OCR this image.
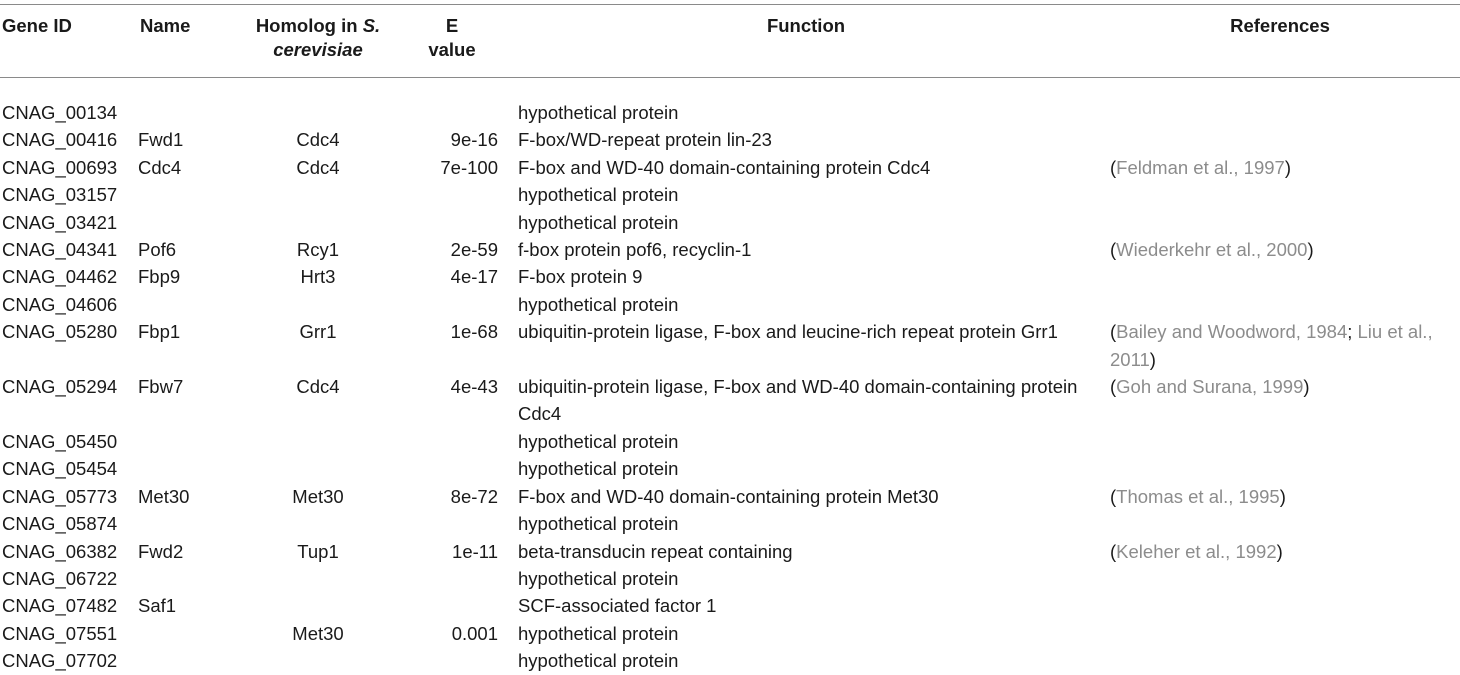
Gene ID	Name	Homolog in S. cerevisiae	E value	Function	References
CNAG_00134				hypothetical protein	
CNAG_00416	Fwd1	Cdc4	9e-16	F-box/WD-repeat protein lin-23	
CNAG_00693	Cdc4	Cdc4	7e-100	F-box and WD-40 domain-containing protein Cdc4	(Feldman et al., 1997)
CNAG_03157				hypothetical protein	
CNAG_03421				hypothetical protein	
CNAG_04341	Pof6	Rcy1	2e-59	f-box protein pof6, recyclin-1	(Wiederkehr et al., 2000)
CNAG_04462	Fbp9	Hrt3	4e-17	F-box protein 9	
CNAG_04606				hypothetical protein	
CNAG_05280	Fbp1	Grr1	1e-68	ubiquitin-protein ligase, F-box and leucine-rich repeat protein Grr1	(Bailey and Woodword, 1984; Liu et al., 2011)
CNAG_05294	Fbw7	Cdc4	4e-43	ubiquitin-protein ligase, F-box and WD-40 domain-containing protein Cdc4	(Goh and Surana, 1999)
CNAG_05450				hypothetical protein	
CNAG_05454				hypothetical protein	
CNAG_05773	Met30	Met30	8e-72	F-box and WD-40 domain-containing protein Met30	(Thomas et al., 1995)
CNAG_05874				hypothetical protein	
CNAG_06382	Fwd2	Tup1	1e-11	beta-transducin repeat containing	(Keleher et al., 1992)
CNAG_06722				hypothetical protein	
CNAG_07482	Saf1			SCF-associated factor 1	
CNAG_07551		Met30	0.001	hypothetical protein	
CNAG_07702				hypothetical protein	
